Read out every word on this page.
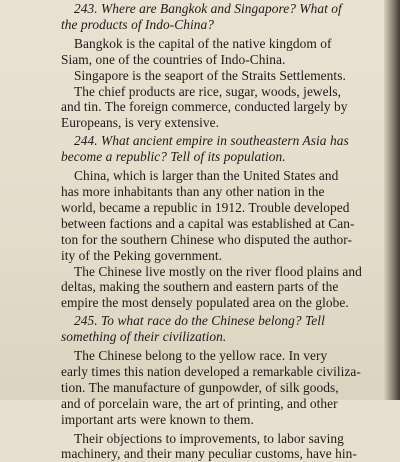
243. Where are Bangkok and Singapore? What of
the products of Indo-China?

Bangkok is the capital of the native kingdom of
Siam, one of the countries of Indo-China.

Singapore is the seaport of the Straits Settlements.

The chief products are rice, sugar, woods, jewels,
and tin. The foreign commerce, conducted largely by
Europeans, is very extensive.

244. What ancient empire in southeastern Asia has
become a republic? Tell of its population.

China, which is larger than the United States and
has more inhabitants than any other nation in the
world, became a republic in 1912. Trouble developed
between factions and a capital was established at Can-
ton for the southern Chinese who disputed the author-
ity of the Peking government.

The Chinese live mostly on the river flood plains and
deltas, making the southern and eastern parts of the
empire the most densely populated area on the globe.

245. To what race do the Chinese belong? Tell
something of their civilization.

The Chinese belong to the yellow race. In very
early times this nation developed a remarkable civiliza-
tion. The manufacture of gunpowder, of silk goods,
and of porcelain ware, the art of printing, and other
important arts were known to them.

Their objections to improvements, to labor saving
machinery, and their many peculiar customs, have hin-
